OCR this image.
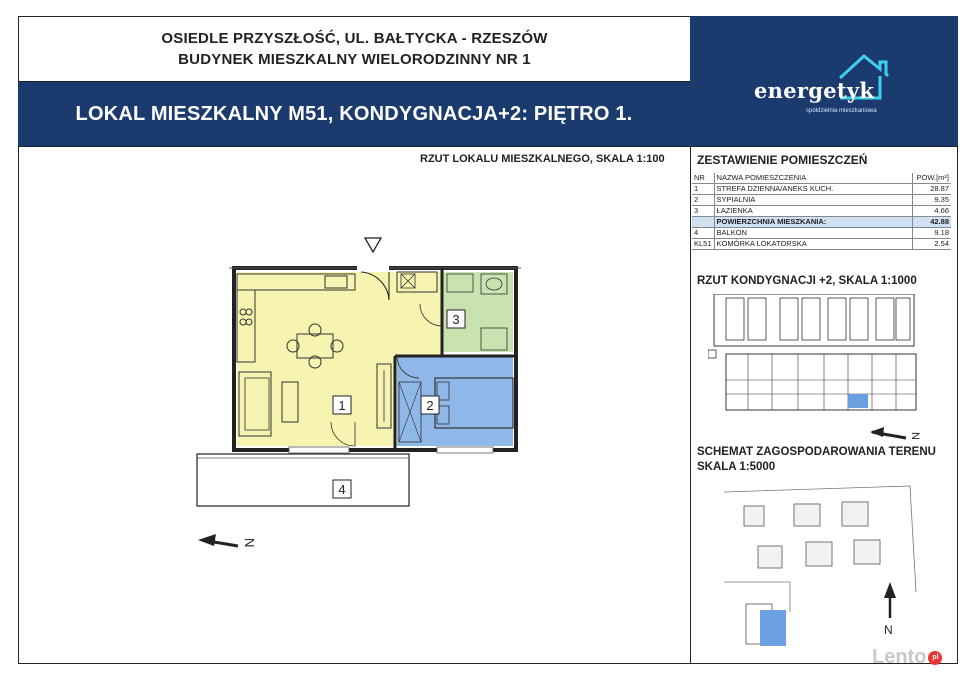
OSIEDLE PRZYSZŁOŚĆ, UL. BAŁTYCKA - RZESZÓW
BUDYNEK MIESZKALNY WIELORODZINNY NR 1
LOKAL MIESZKALNY M51, KONDYGNACJA+2: PIĘTRO 1.
energetyk
spółdzielnia mieszkaniowa
RZUT LOKALU MIESZKALNEGO, SKALA 1:100
1	2
3
4
N
ZESTAWIENIE POMIESZCZEŃ
NR	NAZWA POMIESZCZENIA	POW.[m²]
1	STREFA DZIENNA/ANEKS KUCH.	28.87
2	SYPIALNIA	9.35
3	ŁAZIENKA	4.66
	POWIERZCHNIA MIESZKANIA:	42.88
4	BALKON	9.18
KL51	KOMÓRKA LOKATORSKA	2.54
RZUT KONDYGNACJI +2, SKALA 1:1000
N
SCHEMAT ZAGOSPODAROWANIA TERENU
SKALA 1:5000
N
Lento pl
